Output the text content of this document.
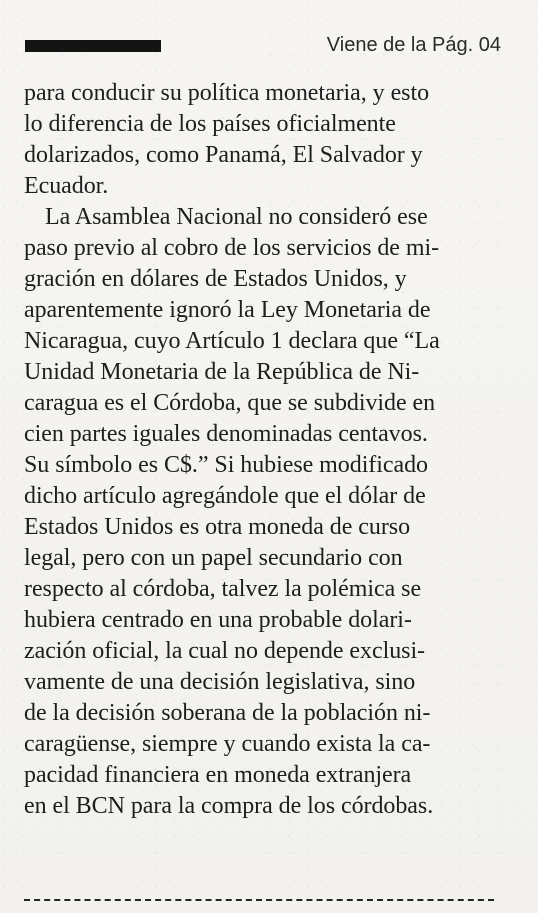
Viene de la Pág. 04
para conducir su política monetaria, y esto
lo diferencia de los países oficialmente
dolarizados, como Panamá, El Salvador y
Ecuador.
La Asamblea Nacional no consideró ese
paso previo al cobro de los servicios de mi-
gración en dólares de Estados Unidos, y
aparentemente ignoró la Ley Monetaria de
Nicaragua, cuyo Artículo 1 declara que “La
Unidad Monetaria de la República de Ni-
caragua es el Córdoba, que se subdivide en
cien partes iguales denominadas centavos.
Su símbolo es C$.” Si hubiese modificado
dicho artículo agregándole que el dólar de
Estados Unidos es otra moneda de curso
legal, pero con un papel secundario con
respecto al córdoba, talvez la polémica se
hubiera centrado en una probable dolari-
zación oficial, la cual no depende exclusi-
vamente de una decisión legislativa, sino
de la decisión soberana de la población ni-
caragüense, siempre y cuando exista la ca-
pacidad financiera en moneda extranjera
en el BCN para la compra de los córdobas.
